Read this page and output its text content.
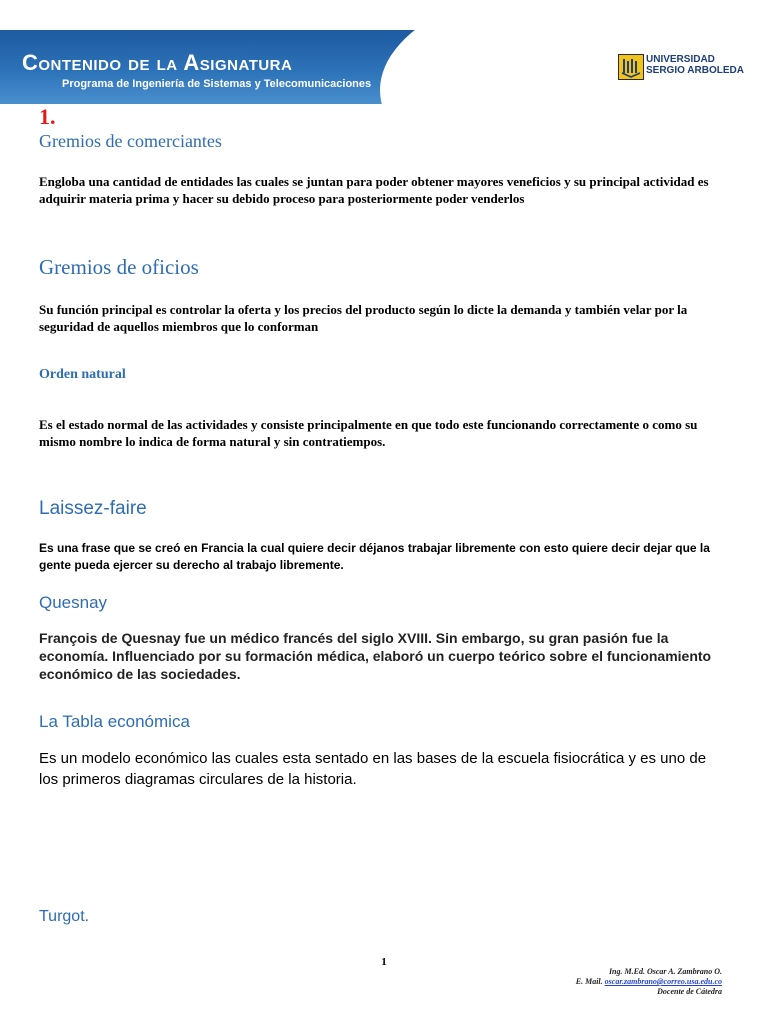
Contenido de la Asignatura
Programa de Ingeniería de Sistemas y Telecomunicaciones
UNIVERSIDAD
SERGIO ARBOLEDA
1.
Gremios de comerciantes

Engloba una cantidad de entidades las cuales se juntan para poder obtener mayores veneficios y su principal actividad es adquirir materia prima y hacer su debido proceso para posteriormente poder venderlos

Gremios de oficios

Su función principal es controlar la oferta y los precios del producto según lo dicte la demanda y también velar por la seguridad de aquellos miembros que lo conforman

Orden natural

Es el estado normal de las actividades y consiste principalmente en que todo este funcionando correctamente o como su mismo nombre lo indica de forma natural y sin contratiempos.

Laissez-faire

Es una frase que se creó en Francia la cual quiere decir déjanos trabajar libremente con esto quiere decir dejar que la gente pueda ejercer su derecho al trabajo libremente.

Quesnay

François de Quesnay fue un médico francés del siglo XVIII. Sin embargo, su gran pasión fue la economía. Influenciado por su formación médica, elaboró un cuerpo teórico sobre el funcionamiento económico de las sociedades.

La Tabla económica

Es un modelo económico las cuales esta sentado en las bases de la escuela fisiocrática y es uno de los primeros diagramas circulares de la historia.

Turgot.
1
Ing. M.Ed. Oscar A. Zambrano O.
E. Mail. oscar.zambrano@correo.usa.edu.co
Docente de Cátedra
